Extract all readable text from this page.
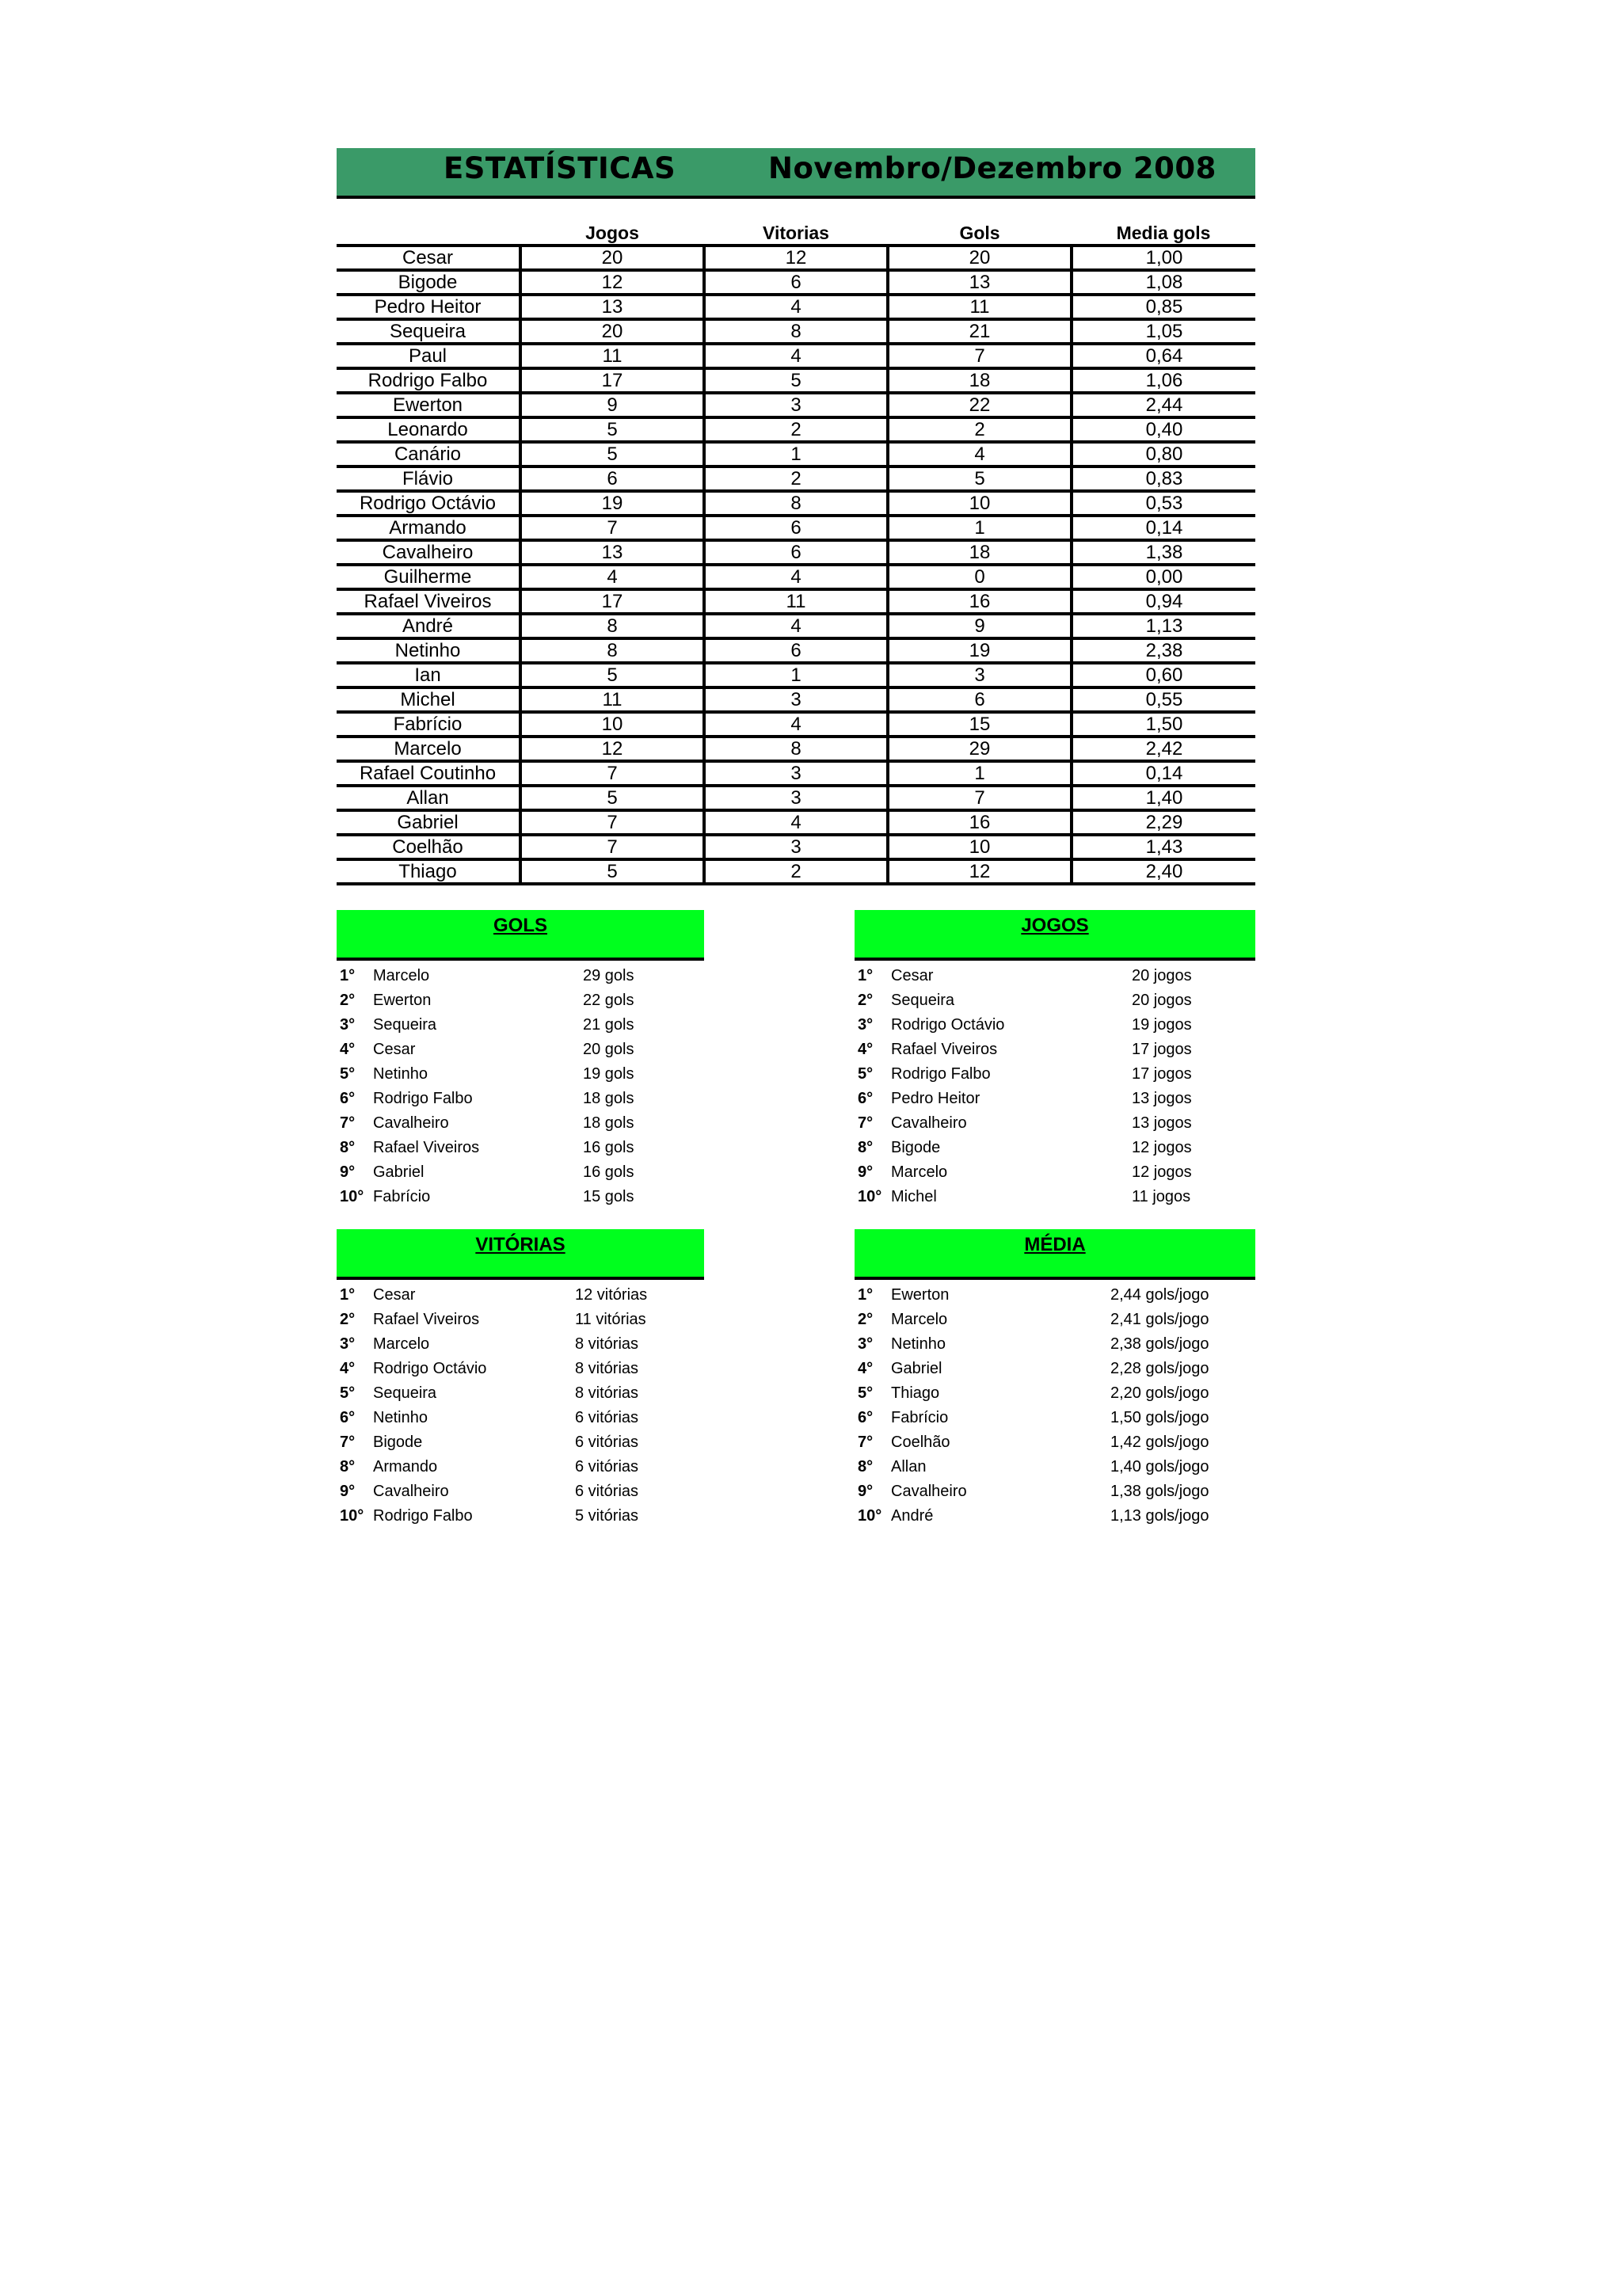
ESTATÍSTICAS	Novembro/Dezembro 2008
	Jogos	Vitorias	Gols	Media gols
Cesar	20	12	20	1,00
Bigode	12	6	13	1,08
Pedro Heitor	13	4	11	0,85
Sequeira	20	8	21	1,05
Paul	11	4	7	0,64
Rodrigo Falbo	17	5	18	1,06
Ewerton	9	3	22	2,44
Leonardo	5	2	2	0,40
Canário	5	1	4	0,80
Flávio	6	2	5	0,83
Rodrigo Octávio	19	8	10	0,53
Armando	7	6	1	0,14
Cavalheiro	13	6	18	1,38
Guilherme	4	4	0	0,00
Rafael Viveiros	17	11	16	0,94
André	8	4	9	1,13
Netinho	8	6	19	2,38
Ian	5	1	3	0,60
Michel	11	3	6	0,55
Fabrício	10	4	15	1,50
Marcelo	12	8	29	2,42
Rafael Coutinho	7	3	1	0,14
Allan	5	3	7	1,40
Gabriel	7	4	16	2,29
Coelhão	7	3	10	1,43
Thiago	5	2	12	2,40
GOLS
1° Marcelo	29 gols
2° Ewerton	22 gols
3° Sequeira	21 gols
4° Cesar	20 gols
5° Netinho	19 gols
6° Rodrigo Falbo	18 gols
7° Cavalheiro	18 gols
8° Rafael Viveiros	16 gols
9° Gabriel	16 gols
10° Fabrício	15 gols
JOGOS
1° Cesar	20 jogos
2° Sequeira	20 jogos
3° Rodrigo Octávio	19 jogos
4° Rafael Viveiros	17 jogos
5° Rodrigo Falbo	17 jogos
6° Pedro Heitor	13 jogos
7° Cavalheiro	13 jogos
8° Bigode	12 jogos
9° Marcelo	12 jogos
10° Michel	11 jogos
VITÓRIAS
1° Cesar	12 vitórias
2° Rafael Viveiros	11 vitórias
3° Marcelo	8 vitórias
4° Rodrigo Octávio	8 vitórias
5° Sequeira	8 vitórias
6° Netinho	6 vitórias
7° Bigode	6 vitórias
8° Armando	6 vitórias
9° Cavalheiro	6 vitórias
10° Rodrigo Falbo	5 vitórias
MÉDIA
1° Ewerton	2,44 gols/jogo
2° Marcelo	2,41 gols/jogo
3° Netinho	2,38 gols/jogo
4° Gabriel	2,28 gols/jogo
5° Thiago	2,20 gols/jogo
6° Fabrício	1,50 gols/jogo
7° Coelhão	1,42 gols/jogo
8° Allan	1,40 gols/jogo
9° Cavalheiro	1,38 gols/jogo
10° André	1,13 gols/jogo
